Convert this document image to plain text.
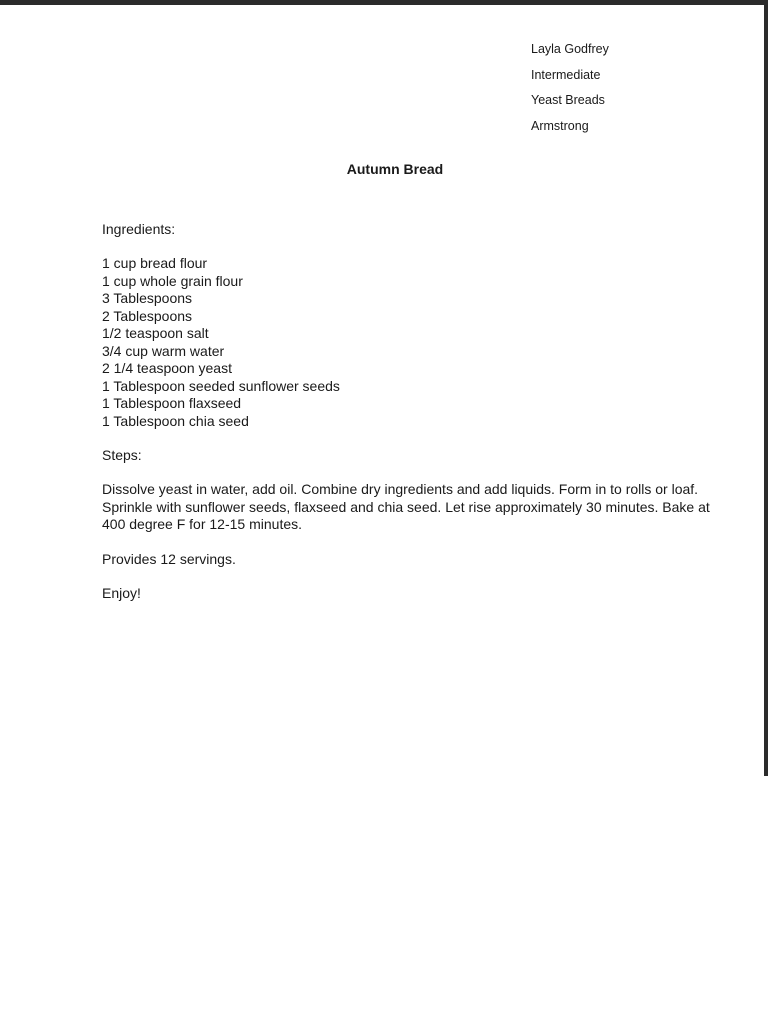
Layla Godfrey
Intermediate
Yeast Breads
Armstrong
Autumn Bread
Ingredients:
1 cup bread flour
1 cup whole grain flour
3 Tablespoons
2 Tablespoons
1/2 teaspoon salt
3/4 cup warm water
2 1/4 teaspoon yeast
1 Tablespoon seeded sunflower seeds
1 Tablespoon flaxseed
1 Tablespoon chia seed
Steps:
Dissolve yeast in water, add oil. Combine dry ingredients and add liquids. Form in to rolls or loaf. Sprinkle with sunflower seeds, flaxseed and chia seed. Let rise approximately 30 minutes. Bake at 400 degree F for 12-15 minutes.
Provides 12 servings.
Enjoy!
